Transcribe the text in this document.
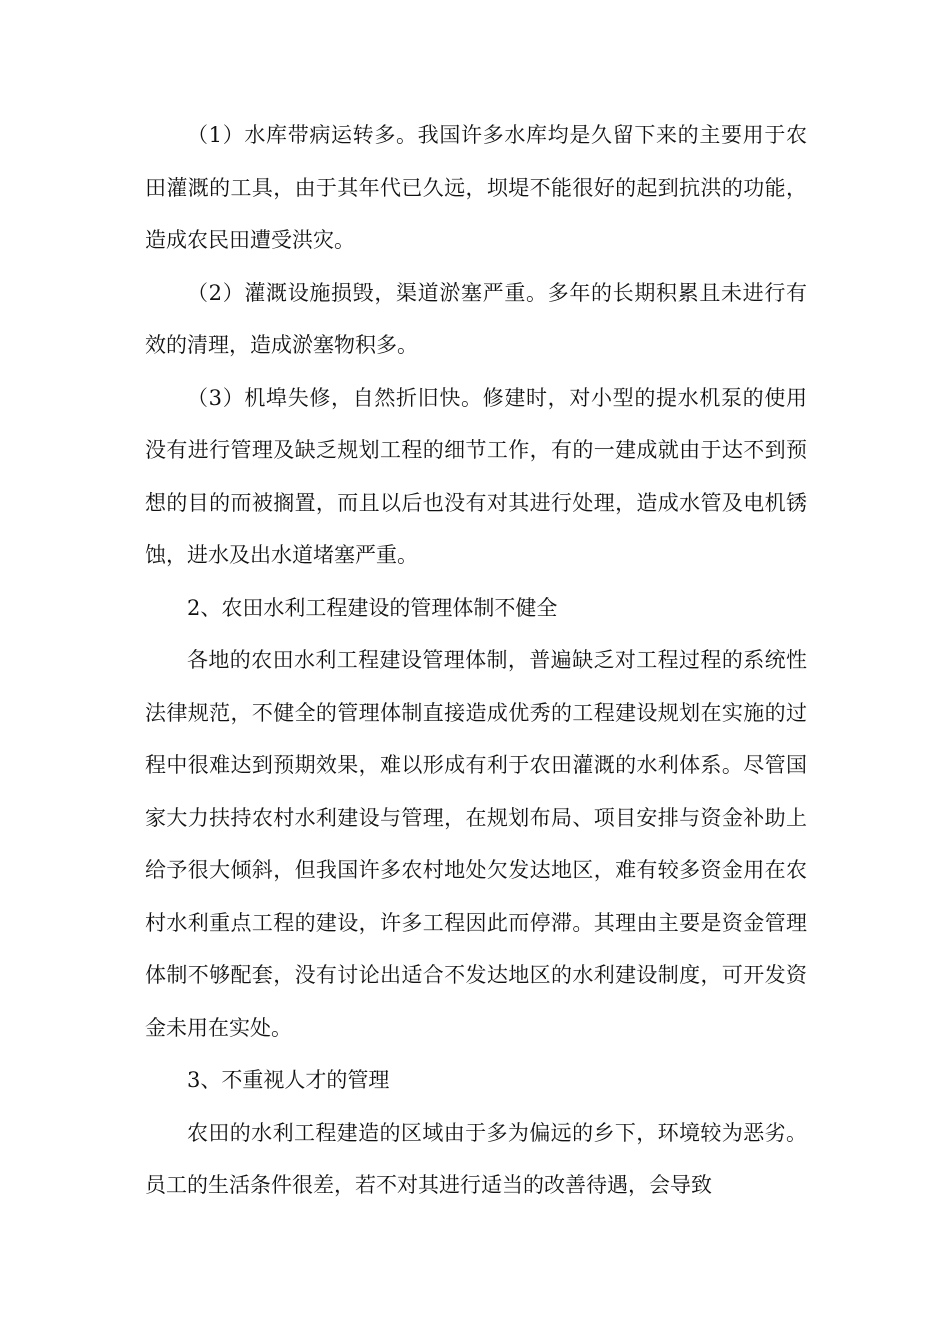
（1）水库带病运转多。我国许多水库均是久留下来的主要用于农田灌溉的工具，由于其年代已久远，坝堤不能很好的起到抗洪的功能，造成农民田遭受洪灾。

（2）灌溉设施损毁，渠道淤塞严重。多年的长期积累且未进行有效的清理，造成淤塞物积多。

（3）机埠失修，自然折旧快。修建时，对小型的提水机泵的使用没有进行管理及缺乏规划工程的细节工作，有的一建成就由于达不到预想的目的而被搁置，而且以后也没有对其进行处理，造成水管及电机锈蚀，进水及出水道堵塞严重。

2、农田水利工程建设的管理体制不健全

各地的农田水利工程建设管理体制，普遍缺乏对工程过程的系统性法律规范，不健全的管理体制直接造成优秀的工程建设规划在实施的过程中很难达到预期效果，难以形成有利于农田灌溉的水利体系。尽管国家大力扶持农村水利建设与管理，在规划布局、项目安排与资金补助上给予很大倾斜，但我国许多农村地处欠发达地区，难有较多资金用在农村水利重点工程的建设，许多工程因此而停滞。其理由主要是资金管理体制不够配套，没有讨论出适合不发达地区的水利建设制度，可开发资金未用在实处。

3、不重视人才的管理

农田的水利工程建造的区域由于多为偏远的乡下，环境较为恶劣。员工的生活条件很差，若不对其进行适当的改善待遇，会导致
